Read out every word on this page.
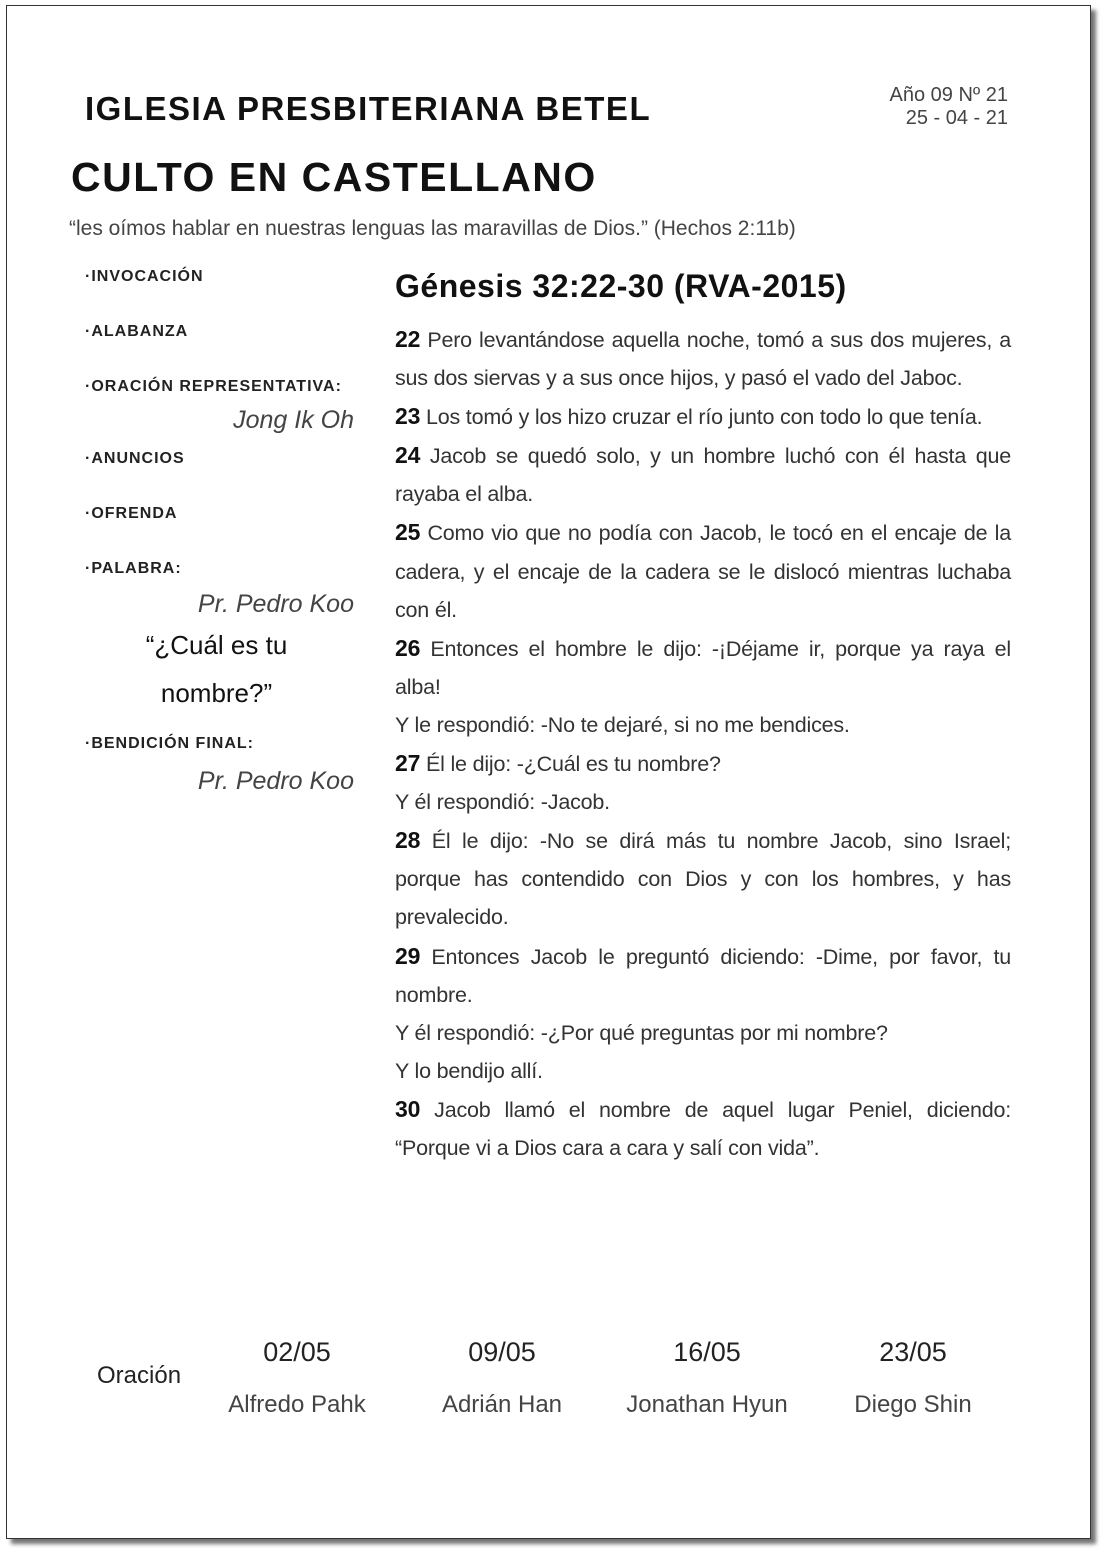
IGLESIA PRESBITERIANA BETEL	Año 09 Nº 21
25 - 04 - 21
CULTO EN CASTELLANO
“les oímos hablar en nuestras lenguas las maravillas de Dios.” (Hechos 2:11b)
·INVOCACIÓN
·ALABANZA
·ORACIÓN REPRESENTATIVA:
Jong Ik Oh
·ANUNCIOS
·OFRENDA
·PALABRA:
Pr. Pedro Koo
“¿Cuál es tu
nombre?”
·BENDICIÓN FINAL:
Pr. Pedro Koo
Génesis 32:22-30 (RVA-2015)
22 Pero levantándose aquella noche, tomó a sus dos mujeres, a sus dos siervas y a sus once hijos, y pasó el vado del Jaboc.
23 Los tomó y los hizo cruzar el río junto con todo lo que tenía.
24 Jacob se quedó solo, y un hombre luchó con él hasta que rayaba el alba.
25 Como vio que no podía con Jacob, le tocó en el encaje de la cadera, y el encaje de la cadera se le dislocó mientras luchaba con él.
26 Entonces el hombre le dijo: -¡Déjame ir, porque ya raya el alba!
Y le respondió: -No te dejaré, si no me bendices.
27 Él le dijo: -¿Cuál es tu nombre?
Y él respondió: -Jacob.
28 Él le dijo: -No se dirá más tu nombre Jacob, sino Israel; porque has contendido con Dios y con los hombres, y has prevalecido.
29 Entonces Jacob le preguntó diciendo: -Dime, por favor, tu nombre.
Y él respondió: -¿Por qué preguntas por mi nombre?
Y lo bendijo allí.
30 Jacob llamó el nombre de aquel lugar Peniel, diciendo: “Porque vi a Dios cara a cara y salí con vida”.
Oración
02/05
Alfredo Pahk
09/05
Adrián Han
16/05
Jonathan Hyun
23/05
Diego Shin
